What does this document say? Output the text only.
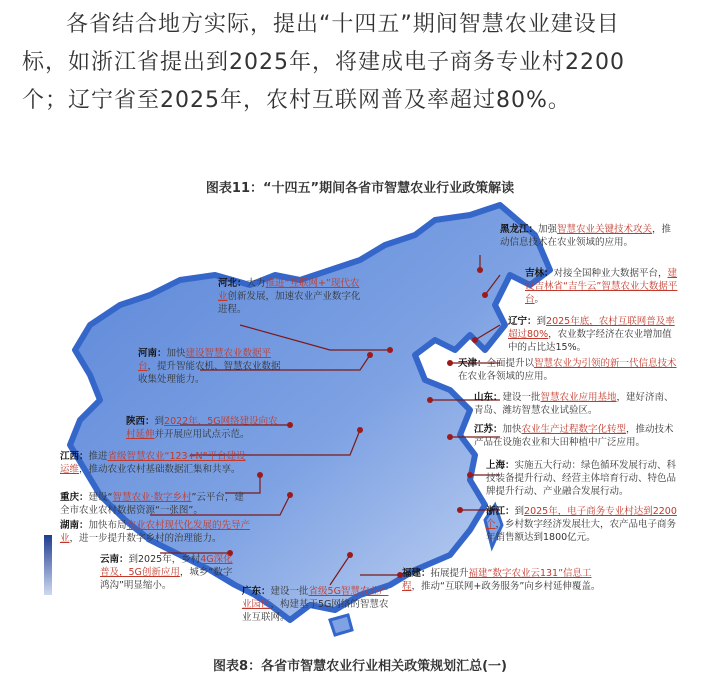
各省结合地方实际，提出“十四五”期间智慧农业建设目

标，如浙江省提出到2025年，将建成电子商务专业村2200

个；辽宁省至2025年，农村互联网普及率超过80%。

图表11：“十四五”期间各省市智慧农业行业政策解读
黑龙江：加强智慧农业关键技术攻关，推动信息技术在农业领域的应用。
吉林：对接全国种业大数据平台，建设吉林省“吉牛云”智慧农业大数据平台。
辽宁：到2025年底，农村互联网普及率超过80%，农业数字经济在农业增加值中的占比达15%。
天津：全面提升以智慧农业为引领的新一代信息技术在农业各领域的应用。
山东：建设一批智慧农业应用基地，建好济南、青岛、潍坊智慧农业试验区。
江苏：加快农业生产过程数字化转型，推动技术产品在设施农业和大田种植中广泛应用。
上海：实施五大行动：绿色循环发展行动、科技装备提升行动、经营主体培育行动、特色品牌提升行动、产业融合发展行动。
浙江：到2025年，电子商务专业村达到2200个，乡村数字经济发展壮大，农产品电子商务年销售额达到1800亿元。
福建：拓展提升福建“数字农业云131”信息工程，推动“互联网+政务服务”向乡村延伸覆盖。
广东：建设一批省级5G智慧农业产业园区，构建基于5G网络的智慧农业互联网。
云南：到2025年，乡村4G深化普及，5G创新应用，城乡“数字鸿沟”明显缩小。
湖南：加快布局农业农村现代化发展的先导产业，进一步提升数字乡村的治理能力。
重庆：建设“智慧农业·数字乡村”云平台，建全市农业农村数据资源“一张图”。
江西：推进省级智慧农业“123+N”平台建设运维，推动农业农村基础数据汇集和共享。
陕西：到2022年，5G网络建设向农村延伸并开展应用试点示范。
河南：加快建设智慧农业数据平台，提升智能农机、智慧农业数据收集处理能力。
河北：大力推进“互联网+”现代农业创新发展，加速农业产业数字化进程。
图表8：各省市智慧农业行业相关政策规划汇总(一)
